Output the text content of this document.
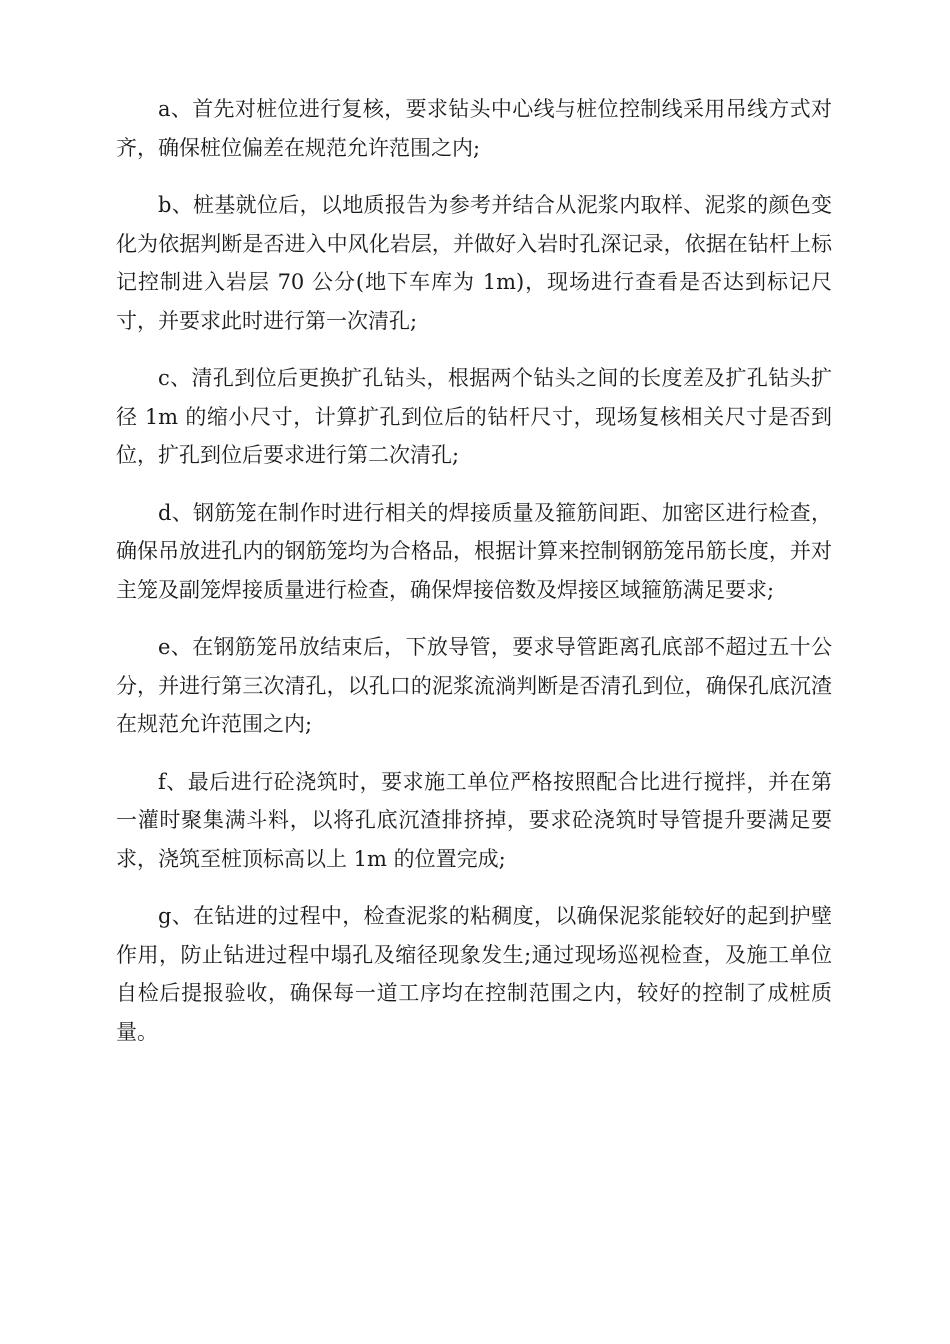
a、首先对桩位进行复核，要求钻头中心线与桩位控制线采用吊线方式对齐，确保桩位偏差在规范允许范围之内;

b、桩基就位后，以地质报告为参考并结合从泥浆内取样、泥浆的颜色变化为依据判断是否进入中风化岩层，并做好入岩时孔深记录，依据在钻杆上标记控制进入岩层 70 公分(地下车库为 1m)，现场进行查看是否达到标记尺寸，并要求此时进行第一次清孔;

c、清孔到位后更换扩孔钻头，根据两个钻头之间的长度差及扩孔钻头扩径 1m 的缩小尺寸，计算扩孔到位后的钻杆尺寸，现场复核相关尺寸是否到位，扩孔到位后要求进行第二次清孔;

d、钢筋笼在制作时进行相关的焊接质量及箍筋间距、加密区进行检查，确保吊放进孔内的钢筋笼均为合格品，根据计算来控制钢筋笼吊筋长度，并对主笼及副笼焊接质量进行检查，确保焊接倍数及焊接区域箍筋满足要求;

e、在钢筋笼吊放结束后，下放导管，要求导管距离孔底部不超过五十公分，并进行第三次清孔，以孔口的泥浆流淌判断是否清孔到位，确保孔底沉渣在规范允许范围之内;

f、最后进行砼浇筑时，要求施工单位严格按照配合比进行搅拌，并在第一灌时聚集满斗料，以将孔底沉渣排挤掉，要求砼浇筑时导管提升要满足要求，浇筑至桩顶标高以上 1m 的位置完成;

g、在钻进的过程中，检查泥浆的粘稠度，以确保泥浆能较好的起到护壁作用，防止钻进过程中塌孔及缩径现象发生;通过现场巡视检查，及施工单位自检后提报验收，确保每一道工序均在控制范围之内，较好的控制了成桩质量。
